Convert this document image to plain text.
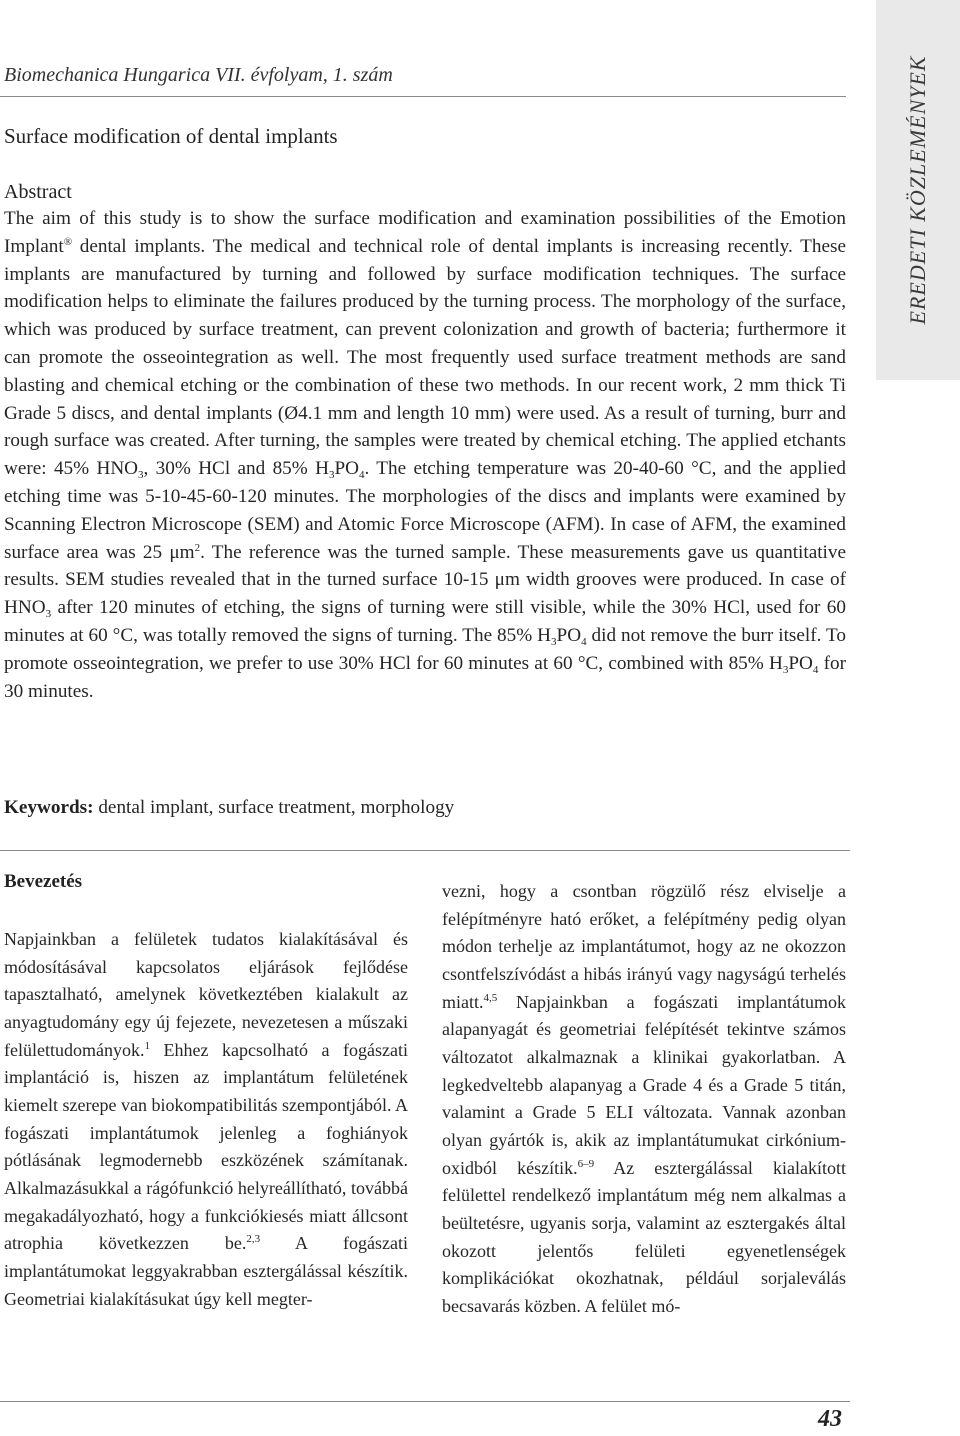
Biomechanica Hungarica VII. évfolyam, 1. szám	EREDETI KÖZLEMÉNYEK
Surface modification of dental implants
Abstract
The aim of this study is to show the surface modification and examination possibilities of the Emotion Implant® dental implants. The medical and technical role of dental implants is increasing recently. These implants are manufactured by turning and followed by surface modification techniques. The surface modification helps to eliminate the failures produced by the turning process. The morphology of the surface, which was produced by surface treatment, can prevent colonization and growth of bacteria; furthermore it can promote the osseointegration as well. The most frequently used surface treatment methods are sand blasting and chemical etching or the combination of these two methods. In our recent work, 2 mm thick Ti Grade 5 discs, and dental implants (Ø4.1 mm and length 10 mm) were used. As a result of turning, burr and rough surface was created. After turning, the samples were treated by chemical etching. The applied etchants were: 45% $HNO_3$, 30% HCl and 85% $H_3PO_4$. The etching temperature was 20-40-60 °C, and the applied etching time was 5-10-45-60-120 minutes. The morphologies of the discs and implants were examined by Scanning Electron Microscope (SEM) and Atomic Force Microscope (AFM). In case of AFM, the examined surface area was 25 $\mu m^2$. The reference was the turned sample. These measurements gave us quantitative results. SEM studies revealed that in the turned surface 10-15 μm width grooves were produced. In case of $HNO_3$ after 120 minutes of etching, the signs of turning were still visible, while the 30% HCl, used for 60 minutes at 60 °C, was totally removed the signs of turning. The 85% $H_3PO_4$ did not remove the burr itself. To promote osseointegration, we prefer to use 30% HCl for 60 minutes at 60 °C, combined with 85% $H_3PO_4$ for 30 minutes.
Keywords: dental implant, surface treatment, morphology
Bevezetés

Napjainkban a felületek tudatos kialakításával és módosításával kapcsolatos eljárások fejlődése tapasztalható, amelynek következtében kialakult az anyagtudomány egy új fejezete, nevezetesen a műszaki felülettudományok.$^1$ Ehhez kapcsolható a fogászati implantáció is, hiszen az implantátum felületének kiemelt szerepe van biokompatibilitás szempontjából. A fogászati implantátumok jelenleg a foghiányok pótlásának legmodernebb eszközének számítanak. Alkalmazásukkal a rágófunkció helyreállítható, továbbá megakadályozható, hogy a funkciókiesés miatt állcsont atrophia következzen be.$^{2,3}$ A fogászati implantátumokat leggyakrabban esztergálással készítik. Geometriai kialakításukat úgy kell megter-

vezni, hogy a csontban rögzülő rész elviselje a felépítményre ható erőket, a felépítmény pedig olyan módon terhelje az implantátumot, hogy az ne okozzon csontfelszívódást a hibás irányú vagy nagyságú terhelés miatt.$^{4,5}$ Napjainkban a fogászati implantátumok alapanyagát és geometriai felépítését tekintve számos változatot alkalmaznak a klinikai gyakorlatban. A legkedveltebb alapanyag a Grade 4 és a Grade 5 titán, valamint a Grade 5 ELI változata. Vannak azonban olyan gyártók is, akik az implantátumukat cirkónium-oxidból készítik.$^{6-9}$ Az esztergálással kialakított felülettel rendelkező implantátum még nem alkalmas a beültetésre, ugyanis sorja, valamint az esztergakés által okozott jelentős felületi egyenetlenségek komplikációkat okozhatnak, például sorjaleválás becsavarás közben. A felület mó-

43
